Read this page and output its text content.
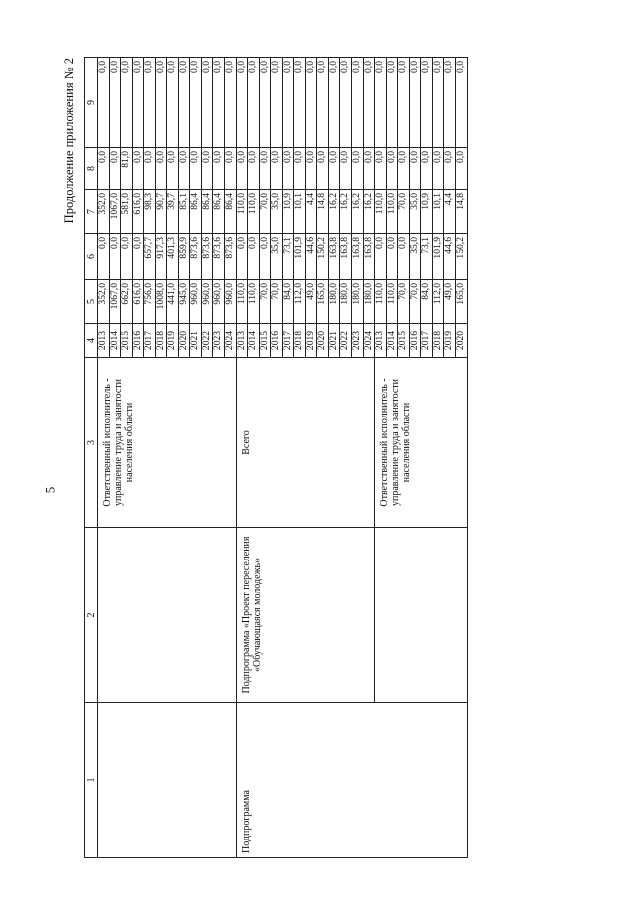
5
Продолжение приложения № 2
1	2	3	4	5	6	7	8	9
		Ответственный исполнитель - управление труда и занятости населения области	2013	352,0	0,0	352,0	0,0	0,0
			2014	1067,0	0,0	1067,0	0,0	0,0
			2015	662,0	0,0	581,0	81,0	0,0
			2016	616,0	0,0	616,0	0,0	0,0
			2017	756,0	657,7	98,3	0,0	0,0
			2018	1008,0	917,3	90,7	0,0	0,0
			2019	441,0	401,3	39,7	0,0	0,0
			2020	945,0	859,9	85,1	0,0	0,0
			2021	960,0	873,6	86,4	0,0	0,0
			2022	960,0	873,6	86,4	0,0	0,0
			2023	960,0	873,6	86,4	0,0	0,0
			2024	960,0	873,6	86,4	0,0	0,0
Подпрограмма	Подпрограмма «Проект переселения «Обучающаяся молодежь»	Всего	2013	110,0	0,0	110,0	0,0	0,0
			2014	110,0	0,0	110,0	0,0	0,0
			2015	70,0	0,0	70,0	0,0	0,0
			2016	70,0	35,0	35,0	0,0	0,0
			2017	84,0	73,1	10,9	0,0	0,0
			2018	112,0	101,9	10,1	0,0	0,0
			2019	49,0	44,6	4,4	0,0	0,0
			2020	165,0	150,2	14,8	0,0	0,0
			2021	180,0	163,8	16,2	0,0	0,0
			2022	180,0	163,8	16,2	0,0	0,0
			2023	180,0	163,8	16,2	0,0	0,0
			2024	180,0	163,8	16,2	0,0	0,0
		Ответственный исполнитель - управление труда и занятости населения области	2013	110,0	0,0	110,0	0,0	0,0
			2014	110,0	0,0	110,0	0,0	0,0
			2015	70,0	0,0	70,0	0,0	0,0
			2016	70,0	35,0	35,0	0,0	0,0
			2017	84,0	73,1	10,9	0,0	0,0
			2018	112,0	101,9	10,1	0,0	0,0
			2019	49,0	44,6	4,4	0,0	0,0
			2020	165,0	150,2	14,8	0,0	0,0
